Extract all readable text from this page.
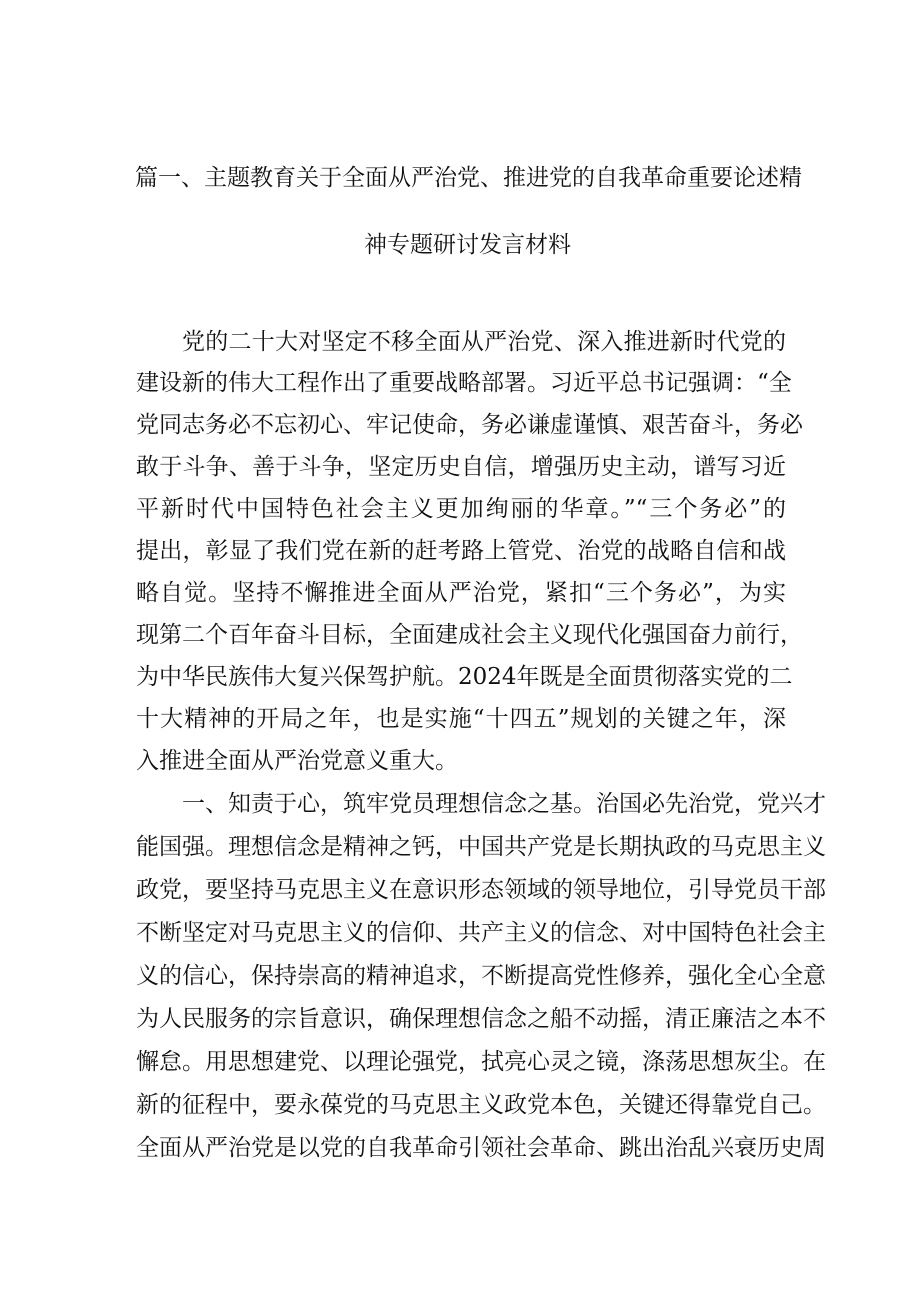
篇一、主题教育关于全面从严治党、推进党的自我革命重要论述精
神专题研讨发言材料
党的二十大对坚定不移全面从严治党、深入推进新时代党的
建设新的伟大工程作出了重要战略部署。习近平总书记强调：“全
党同志务必不忘初心、牢记使命，务必谦虚谨慎、艰苦奋斗，务必
敢于斗争、善于斗争，坚定历史自信，增强历史主动，谱写习近
平新时代中国特色社会主义更加绚丽的华章。”“三个务必”的
提出，彰显了我们党在新的赶考路上管党、治党的战略自信和战
略自觉。坚持不懈推进全面从严治党，紧扣“三个务必”，为实
现第二个百年奋斗目标，全面建成社会主义现代化强国奋力前行，
为中华民族伟大复兴保驾护航。2024年既是全面贯彻落实党的二
十大精神的开局之年，也是实施“十四五”规划的关键之年，深
入推进全面从严治党意义重大。
一、知责于心，筑牢党员理想信念之基。治国必先治党，党兴才
能国强。理想信念是精神之钙，中国共产党是长期执政的马克思主义
政党，要坚持马克思主义在意识形态领域的领导地位，引导党员干部
不断坚定对马克思主义的信仰、共产主义的信念、对中国特色社会主
义的信心，保持崇高的精神追求，不断提高党性修养，强化全心全意
为人民服务的宗旨意识，确保理想信念之船不动摇，清正廉洁之本不
懈怠。用思想建党、以理论强党，拭亮心灵之镜，涤荡思想灰尘。在
新的征程中，要永葆党的马克思主义政党本色，关键还得靠党自己。
全面从严治党是以党的自我革命引领社会革命、跳出治乱兴衰历史周
